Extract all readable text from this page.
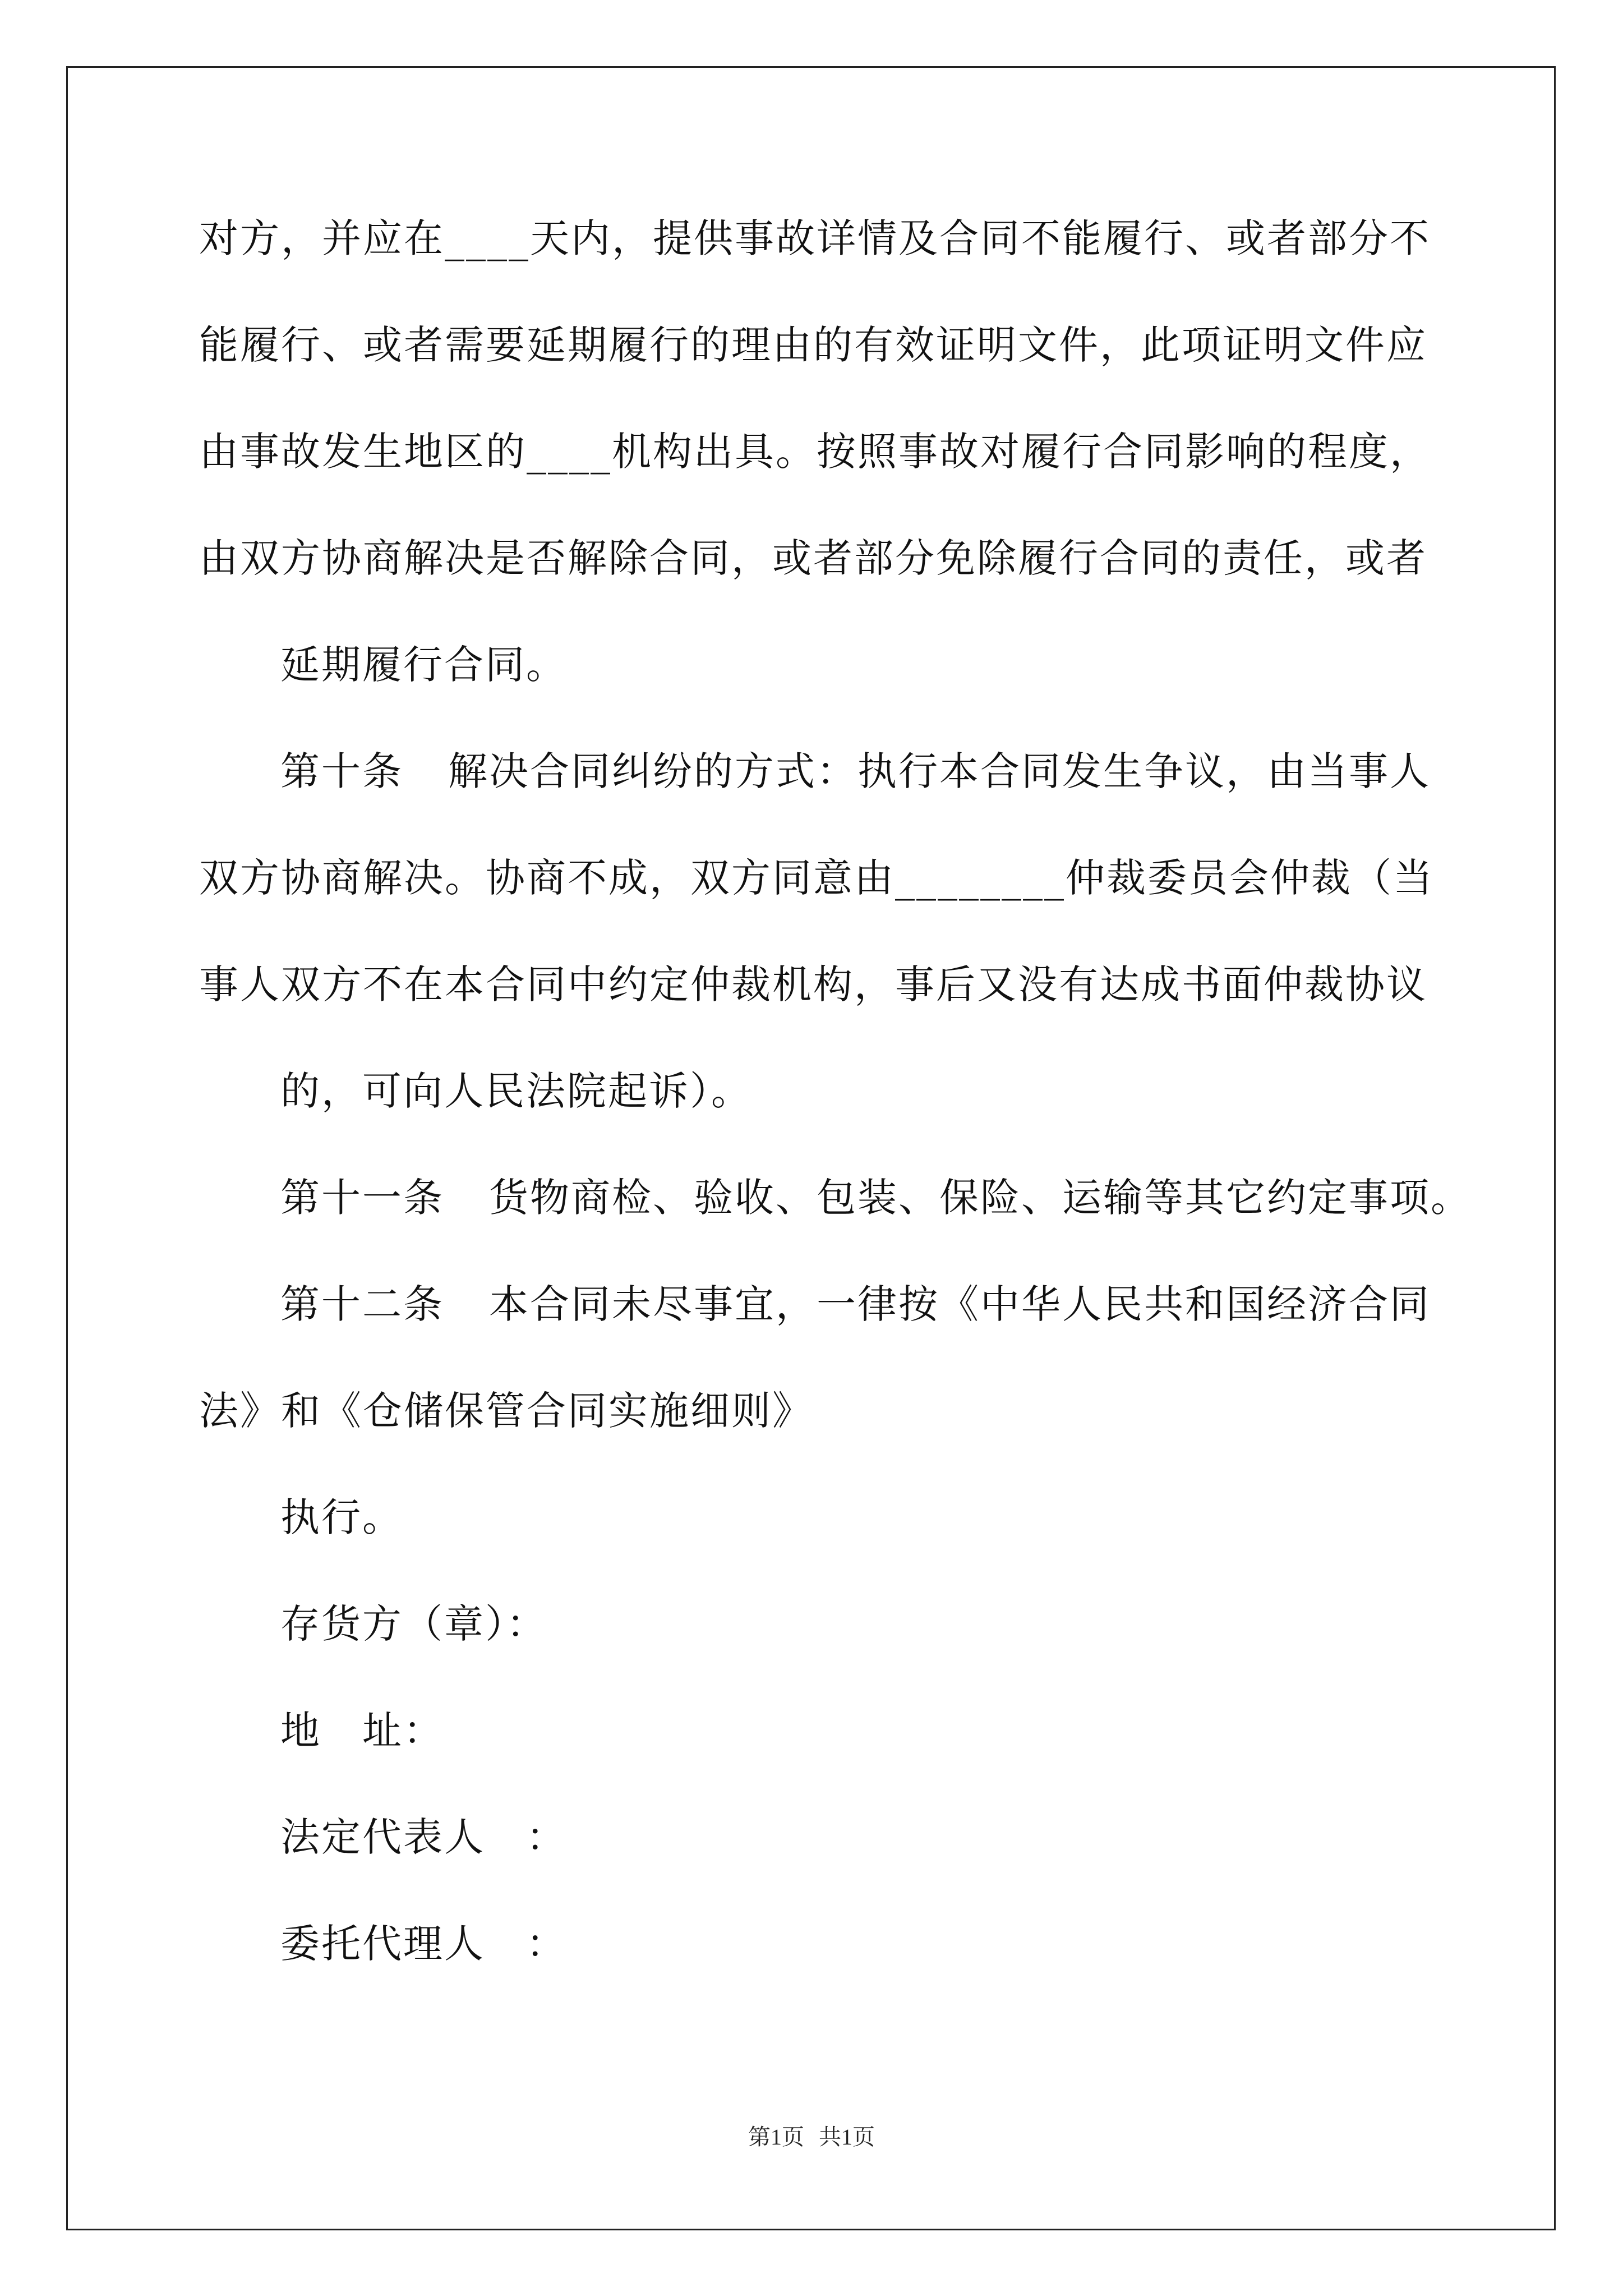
对方，并应在____天内，提供事故详情及合同不能履行、或者部分不
能履行、或者需要延期履行的理由的有效证明文件，此项证明文件应
由事故发生地区的____机构出具。按照事故对履行合同影响的程度，
由双方协商解决是否解除合同，或者部分免除履行合同的责任，或者
延期履行合同。
第十条 解决合同纠纷的方式：执行本合同发生争议，由当事人
双方协商解决。协商不成，双方同意由________仲裁委员会仲裁（当
事人双方不在本合同中约定仲裁机构，事后又没有达成书面仲裁协议
的，可向人民法院起诉）。
第十一条 货物商检、验收、包装、保险、运输等其它约定事项。
第十二条 本合同未尽事宜，一律按《中华人民共和国经济合同
法》和《仓储保管合同实施细则》
执行。
存货方（章）：
地　址：
法定代表人　：
委托代理人　：
第1页 共1页
